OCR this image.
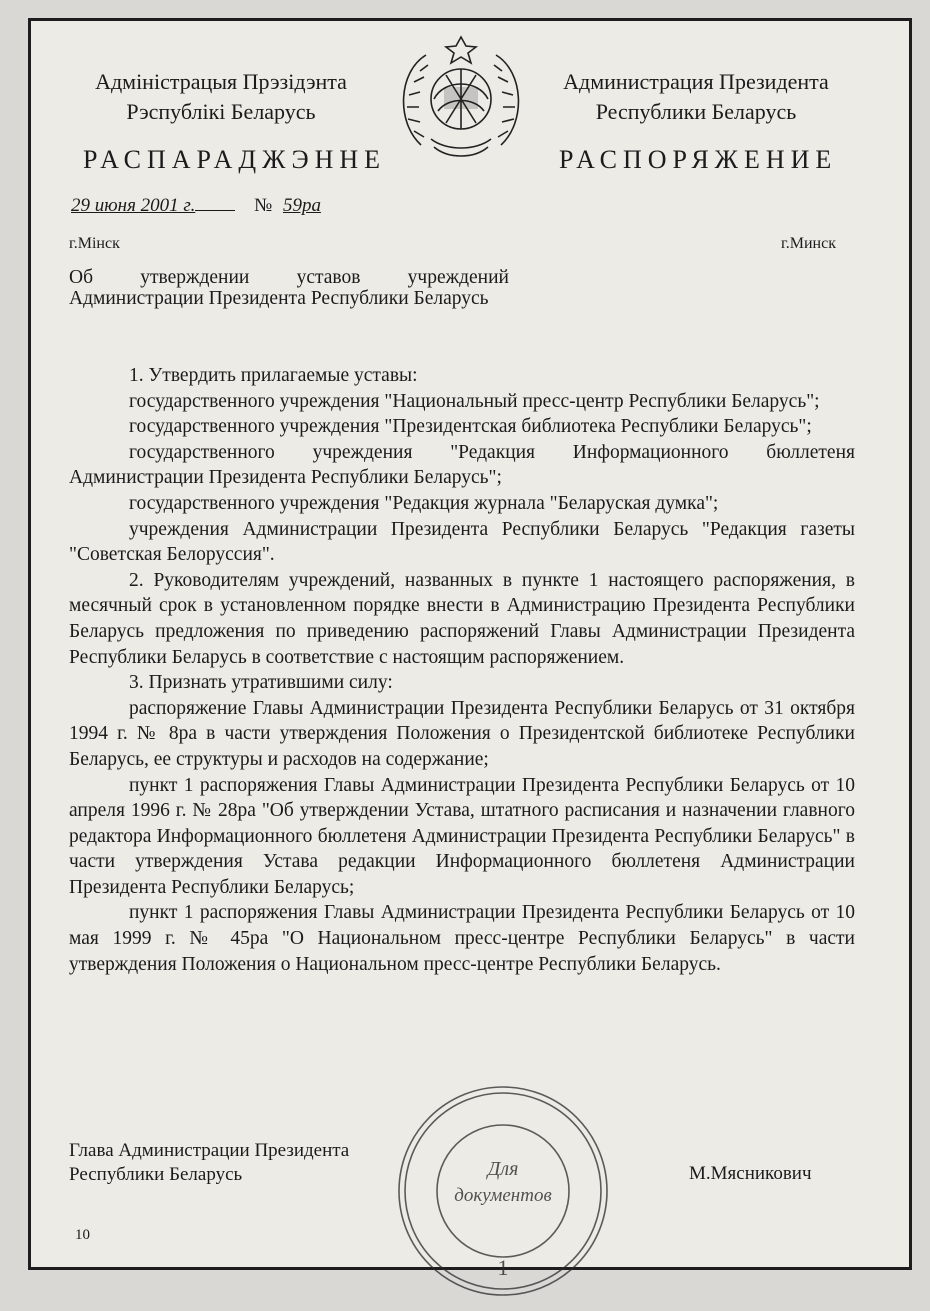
Адміністрацыя Прэзідэнта
Рэспублікі Беларусь
Администрация Президента
Республики Беларусь
РАСПАРАДЖЭННЕ	РАСПОРЯЖЕНИЕ
29 июня 2001 г.	№ 59ра
г.Мінск	г.Минск
Об утверждении уставов учреждений Администрации Президента Республики Беларусь

1. Утвердить прилагаемые уставы:

государственного учреждения "Национальный пресс-центр Республики Беларусь";

государственного учреждения "Президентская библиотека Республики Беларусь";

государственного учреждения "Редакция Информационного бюллетеня Администрации Президента Республики Беларусь";

государственного учреждения "Редакция журнала "Беларуская думка";

учреждения Администрации Президента Республики Беларусь "Редакция газеты "Советская Белоруссия".

2. Руководителям учреждений, названных в пункте 1 настоящего распоряжения, в месячный срок в установленном порядке внести в Администрацию Президента Республики Беларусь предложения по приведению распоряжений Главы Администрации Президента Республики Беларусь в соответствие с настоящим распоряжением.

3. Признать утратившими силу:

распоряжение Главы Администрации Президента Республики Беларусь от 31 октября 1994 г. № 8ра в части утверждения Положения о Президентской библиотеке Республики Беларусь, ее структуры и расходов на содержание;

пункт 1 распоряжения Главы Администрации Президента Республики Беларусь от 10 апреля 1996 г. № 28ра "Об утверждении Устава, штатного расписания и назначении главного редактора Информационного бюллетеня Администрации Президента Республики Беларусь" в части утверждения Устава редакции Информационного бюллетеня Администрации Президента Республики Беларусь;

пункт 1 распоряжения Главы Администрации Президента Республики Беларусь от 10 мая 1999 г. № 45ра "О Национальном пресс-центре Республики Беларусь" в части утверждения Положения о Национальном пресс-центре Республики Беларусь.

Глава Администрации Президента
Республики Беларусь	М.Мясникович
Для
документов
1
10
